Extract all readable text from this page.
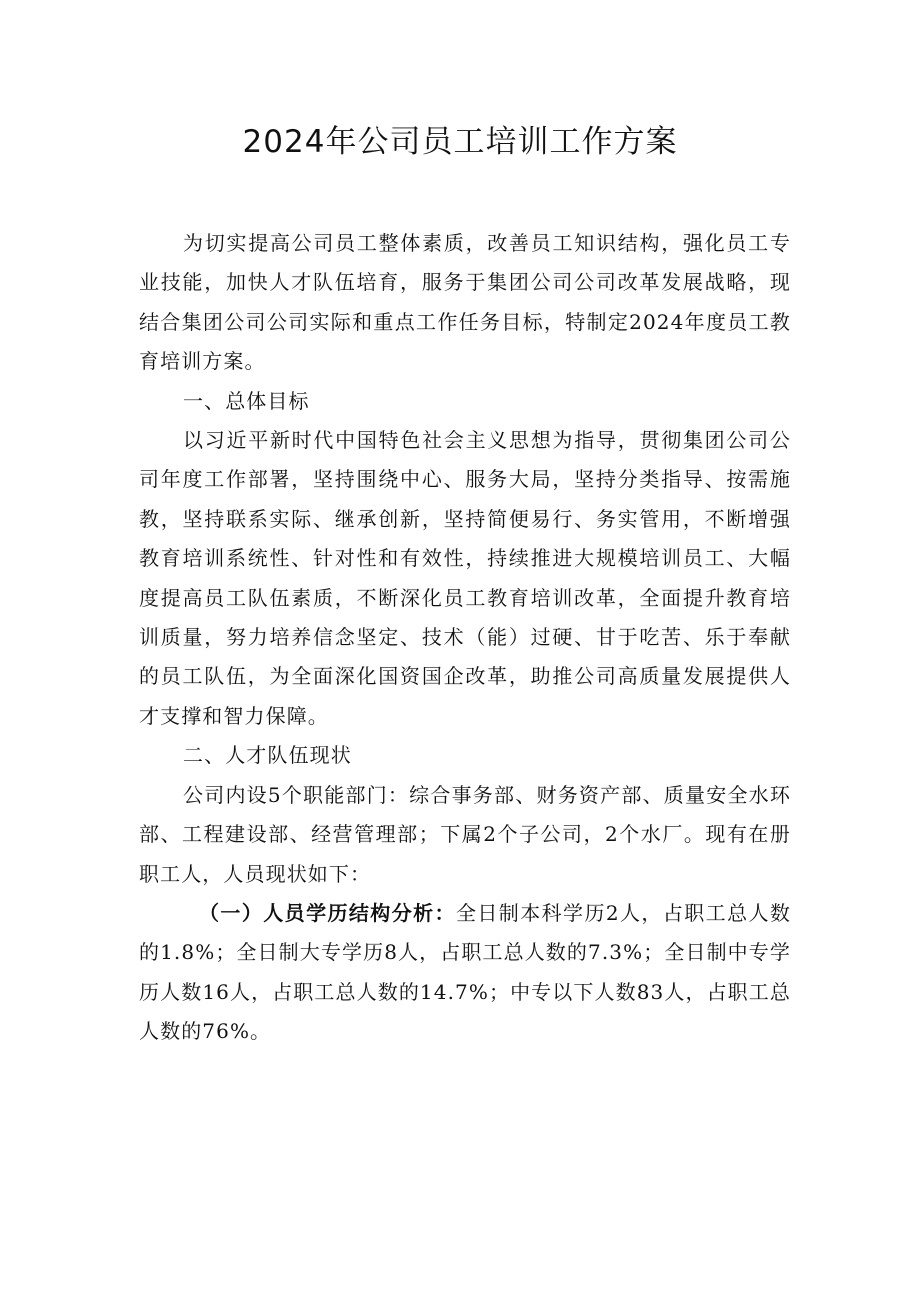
2024年公司员工培训工作方案

为切实提高公司员工整体素质，改善员工知识结构，强化员工专业技能，加快人才队伍培育，服务于集团公司公司改革发展战略，现结合集团公司公司实际和重点工作任务目标，特制定2024年度员工教育培训方案。

一、总体目标

以习近平新时代中国特色社会主义思想为指导，贯彻集团公司公司年度工作部署，坚持围绕中心、服务大局，坚持分类指导、按需施教，坚持联系实际、继承创新，坚持简便易行、务实管用，不断增强教育培训系统性、针对性和有效性，持续推进大规模培训员工、大幅度提高员工队伍素质，不断深化员工教育培训改革，全面提升教育培训质量，努力培养信念坚定、技术（能）过硬、甘于吃苦、乐于奉献的员工队伍，为全面深化国资国企改革，助推公司高质量发展提供人才支撑和智力保障。

二、人才队伍现状

公司内设5个职能部门：综合事务部、财务资产部、质量安全水环部、工程建设部、经营管理部；下属2个子公司，2个水厂。现有在册职工人，人员现状如下：

（一）人员学历结构分析：全日制本科学历2人，占职工总人数的1.8%；全日制大专学历8人，占职工总人数的7.3%；全日制中专学历人数16人，占职工总人数的14.7%；中专以下人数83人，占职工总人数的76%。
